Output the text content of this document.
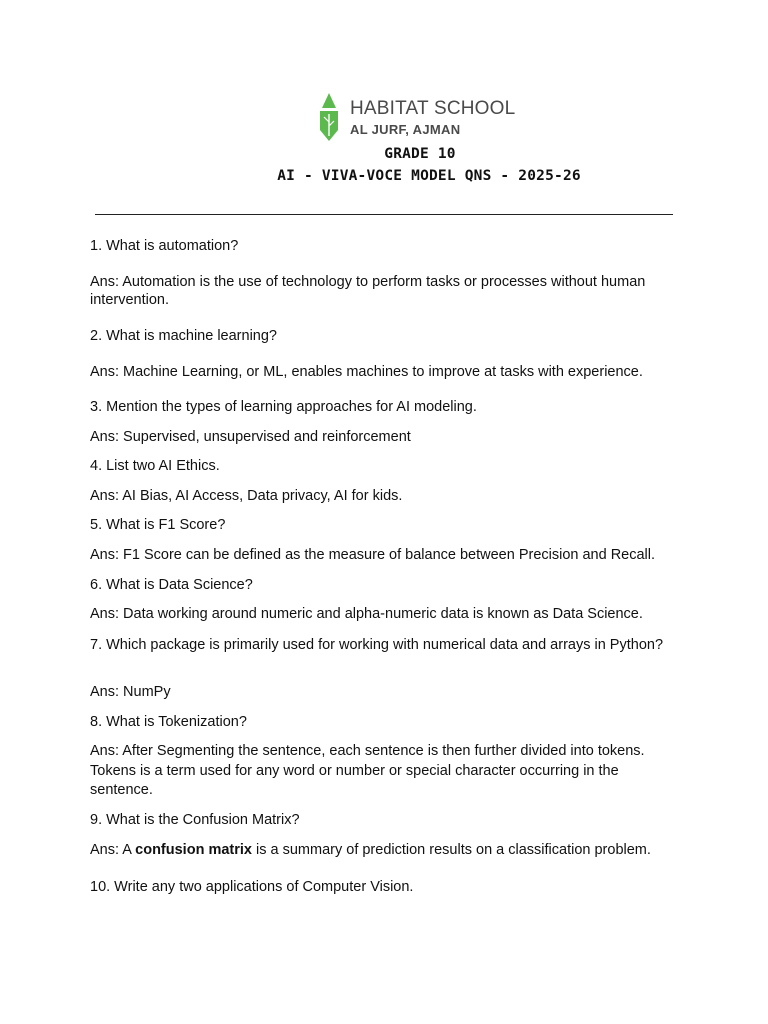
HABITAT SCHOOL
AL JURF, AJMAN
GRADE 10
AI - VIVA-VOCE MODEL QNS - 2025-26

1. What is automation?

Ans: Automation is the use of technology to perform tasks or processes without human intervention.

2. What is machine learning?

Ans: Machine Learning, or ML, enables machines to improve at tasks with experience.

3. Mention the types of learning approaches for AI modeling.

Ans: Supervised, unsupervised and reinforcement

4. List two AI Ethics.

Ans: AI Bias, AI Access, Data privacy, AI for kids.

5. What is F1 Score?

Ans: F1 Score can be defined as the measure of balance between Precision and Recall.

6. What is Data Science?

Ans: Data working around numeric and alpha-numeric data is known as Data Science.

7. Which package is primarily used for working with numerical data and arrays in Python?

Ans: NumPy

8. What is Tokenization?

Ans: After Segmenting the sentence, each sentence is then further divided into tokens. Tokens is a term used for any word or number or special character occurring in the sentence.

9. What is the Confusion Matrix?

Ans: A confusion matrix is a summary of prediction results on a classification problem.

10. Write any two applications of Computer Vision.
